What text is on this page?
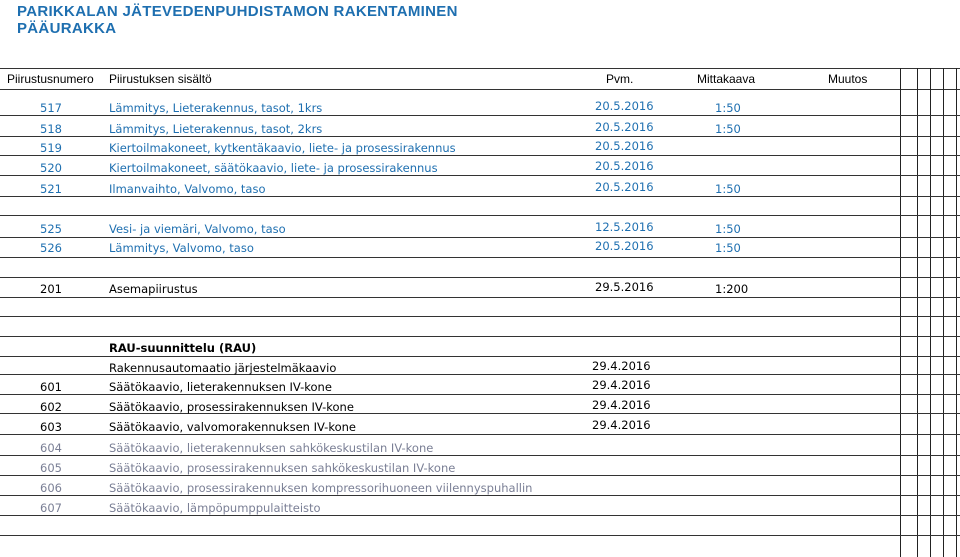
PARIKKALAN JÄTEVEDENPUHDISTAMON RAKENTAMINEN
PÄÄURAKKA
Piirustusnumero Piirustuksen sisältö	Pvm.	Mittakaava	Muutos
517	Lämmitys, Lieterakennus, tasot, 1krs	20.5.2016	1:50
518	Lämmitys, Lieterakennus, tasot, 2krs	20.5.2016	1:50
519	Kiertoilmakoneet, kytkentäkaavio, liete- ja prosessirakennus	20.5.2016
520	Kiertoilmakoneet, säätökaavio, liete- ja prosessirakennus	20.5.2016
521	Ilmanvaihto, Valvomo, taso	20.5.2016	1:50
525	Vesi- ja viemäri, Valvomo, taso	12.5.2016	1:50
526	Lämmitys, Valvomo, taso	20.5.2016	1:50
201	Asemapiirustus	29.5.2016	1:200
RAU-suunnittelu (RAU)
Rakennusautomaatio järjestelmäkaavio	29.4.2016
601	Säätökaavio, lieterakennuksen IV-kone	29.4.2016
602	Säätökaavio, prosessirakennuksen IV-kone	29.4.2016
603	Säätökaavio, valvomorakennuksen IV-kone	29.4.2016
604	Säätökaavio, lieterakennuksen sahkökeskustilan IV-kone
605	Säätökaavio, prosessirakennuksen sahkökeskustilan IV-kone
606	Säätökaavio, prosessirakennuksen kompressorihuoneen viilennyspuhallin
607	Säätökaavio, lämpöpumppulaitteisto
